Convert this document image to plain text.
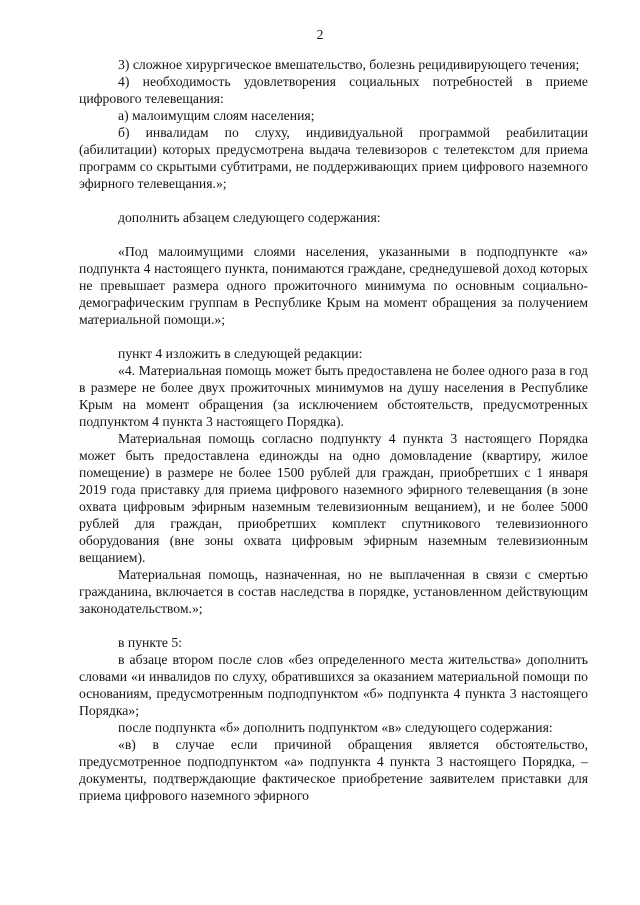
2

3) сложное хирургическое вмешательство, болезнь рецидивирующего течения;

4) необходимость удовлетворения социальных потребностей в приеме цифрового телевещания:

а) малоимущим слоям населения;

б) инвалидам по слуху, индивидуальной программой реабилитации (абилитации) которых предусмотрена выдача телевизоров с телетекстом для приема программ со скрытыми субтитрами, не поддерживающих прием цифрового наземного эфирного телевещания.»;

дополнить абзацем следующего содержания:

«Под малоимущими слоями населения, указанными в подподпункте «а» подпункта 4 настоящего пункта, понимаются граждане, среднедушевой доход которых не превышает размера одного прожиточного минимума по основным социально-демографическим группам в Республике Крым на момент обращения за получением материальной помощи.»;

пункт 4 изложить в следующей редакции:

«4. Материальная помощь может быть предоставлена не более одного раза в год в размере не более двух прожиточных минимумов на душу населения в Республике Крым на момент обращения (за исключением обстоятельств, предусмотренных подпунктом 4 пункта 3 настоящего Порядка).

Материальная помощь согласно подпункту 4 пункта 3 настоящего Порядка может быть предоставлена единожды на одно домовладение (квартиру, жилое помещение) в размере не более 1500 рублей для граждан, приобретших с 1 января 2019 года приставку для приема цифрового наземного эфирного телевещания (в зоне охвата цифровым эфирным наземным телевизионным вещанием), и не более 5000 рублей для граждан, приобретших комплект спутникового телевизионного оборудования (вне зоны охвата цифровым эфирным наземным телевизионным вещанием).

Материальная помощь, назначенная, но не выплаченная в связи с смертью гражданина, включается в состав наследства в порядке, установленном действующим законодательством.»;

в пункте 5:

в абзаце втором после слов «без определенного места жительства» дополнить словами «и инвалидов по слуху, обратившихся за оказанием материальной помощи по основаниям, предусмотренным подподпунктом «б» подпункта 4 пункта 3 настоящего Порядка»;

после подпункта «б» дополнить подпунктом «в» следующего содержания:

«в) в случае если причиной обращения является обстоятельство, предусмотренное подподпунктом «а» подпункта 4 пункта 3 настоящего Порядка, – документы, подтверждающие фактическое приобретение заявителем приставки для приема цифрового наземного эфирного
